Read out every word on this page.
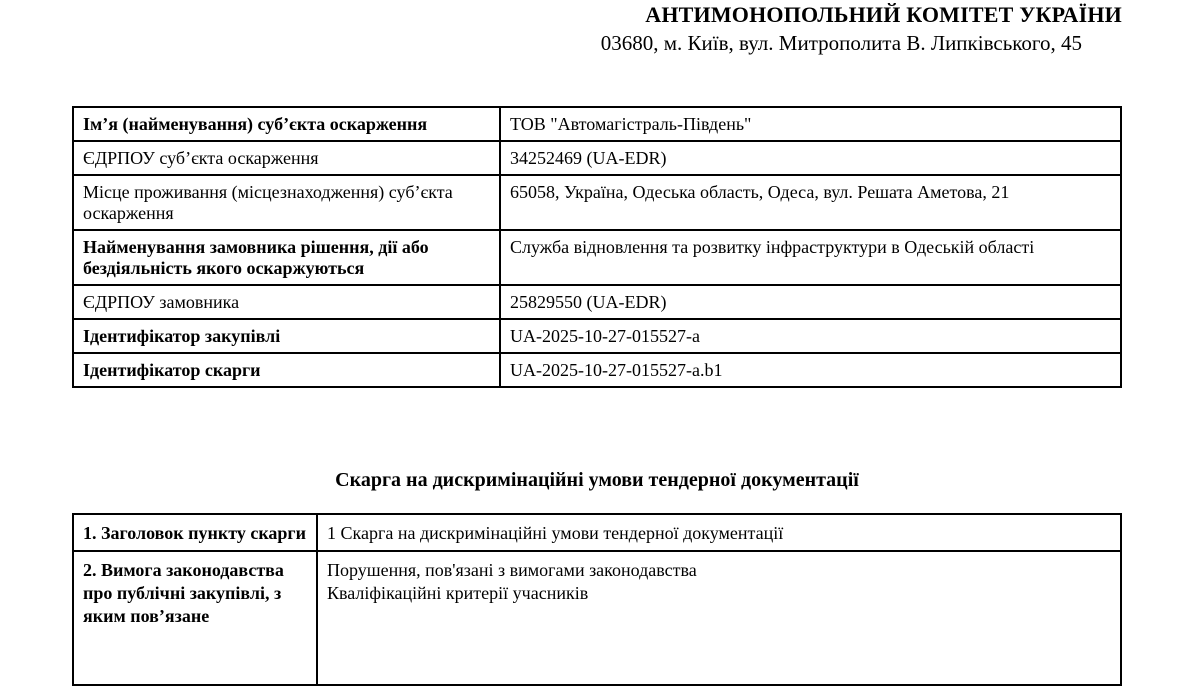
АНТИМОНОПОЛЬНИЙ КОМІТЕТ УКРАЇНИ
03680, м. Київ, вул. Митрополита В. Липківського, 45
Ім’я (найменування) суб’єкта оскарження	ТОВ "Автомагістраль-Південь"
ЄДРПОУ суб’єкта оскарження	34252469 (UA-EDR)
Місце проживання (місцезнаходження) суб’єкта оскарження	65058, Україна, Одеська область, Одеса, вул. Решата Аметова, 21
Найменування замовника рішення, дії або бездіяльність якого оскаржуються	Служба відновлення та розвитку інфраструктури в Одеській області
ЄДРПОУ замовника	25829550 (UA-EDR)
Ідентифікатор закупівлі	UA-2025-10-27-015527-a
Ідентифікатор скарги	UA-2025-10-27-015527-a.b1
Скарга на дискримінаційні умови тендерної документації
1. Заголовок пункту скарги	1 Скарга на дискримінаційні умови тендерної документації
2. Вимога законодавства про публічні закупівлі, з яким пов’язане	Порушення, пов'язані з вимогами законодавства
Кваліфікаційні критерії учасників
